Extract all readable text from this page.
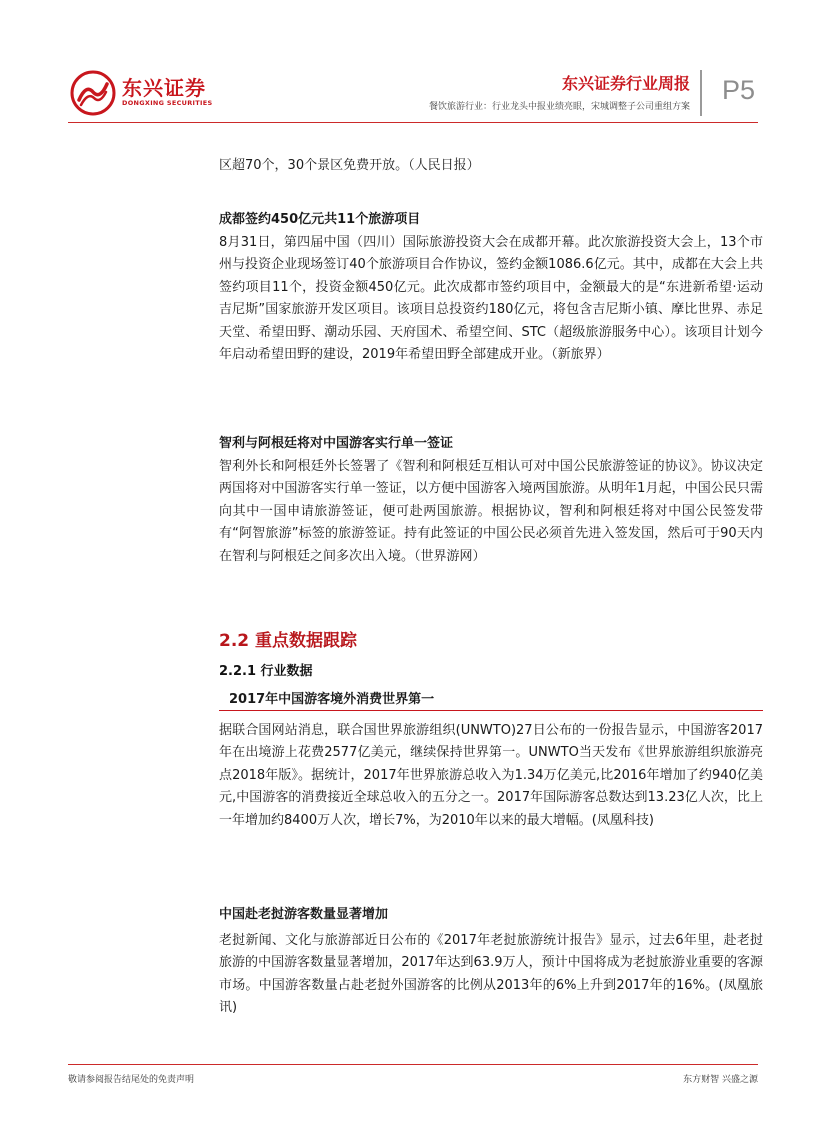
东兴证券
DONGXING SECURITIES
东兴证券行业周报
餐饮旅游行业：行业龙头中报业绩亮眼，宋城调整子公司重组方案
P5
区超70个，30个景区免费开放。（人民日报）
成都签约450亿元共11个旅游项目
8月31日，第四届中国（四川）国际旅游投资大会在成都开幕。此次旅游投资大会上，13个市州与投资企业现场签订40个旅游项目合作协议，签约金额1086.6亿元。其中，成都在大会上共签约项目11个，投资金额450亿元。此次成都市签约项目中，金额最大的是“东进新希望·运动吉尼斯”国家旅游开发区项目。该项目总投资约180亿元，将包含吉尼斯小镇、摩比世界、赤足天堂、希望田野、潮动乐园、天府国术、希望空间、STC（超级旅游服务中心）。该项目计划今年启动希望田野的建设，2019年希望田野全部建成开业。（新旅界）
智利与阿根廷将对中国游客实行单一签证
智利外长和阿根廷外长签署了《智利和阿根廷互相认可对中国公民旅游签证的协议》。协议决定两国将对中国游客实行单一签证，以方便中国游客入境两国旅游。从明年1月起，中国公民只需向其中一国申请旅游签证，便可赴两国旅游。根据协议，智利和阿根廷将对中国公民签发带有“阿智旅游”标签的旅游签证。持有此签证的中国公民必须首先进入签发国，然后可于90天内在智利与阿根廷之间多次出入境。（世界游网）
2.2 重点数据跟踪
2.2.1 行业数据
2017年中国游客境外消费世界第一
据联合国网站消息，联合国世界旅游组织(UNWTO)27日公布的一份报告显示，中国游客2017年在出境游上花费2577亿美元，继续保持世界第一。UNWTO当天发布《世界旅游组织旅游亮点2018年版》。据统计，2017年世界旅游总收入为1.34万亿美元,比2016年增加了约940亿美元,中国游客的消费接近全球总收入的五分之一。2017年国际游客总数达到13.23亿人次，比上一年增加约8400万人次，增长7%，为2010年以来的最大增幅。(凤凰科技)
中国赴老挝游客数量显著增加
老挝新闻、文化与旅游部近日公布的《2017年老挝旅游统计报告》显示，过去6年里，赴老挝旅游的中国游客数量显著增加，2017年达到63.9万人，预计中国将成为老挝旅游业重要的客源市场。中国游客数量占赴老挝外国游客的比例从2013年的6%上升到2017年的16%。(凤凰旅讯)
敬请参阅报告结尾处的免责声明	东方财智 兴盛之源
